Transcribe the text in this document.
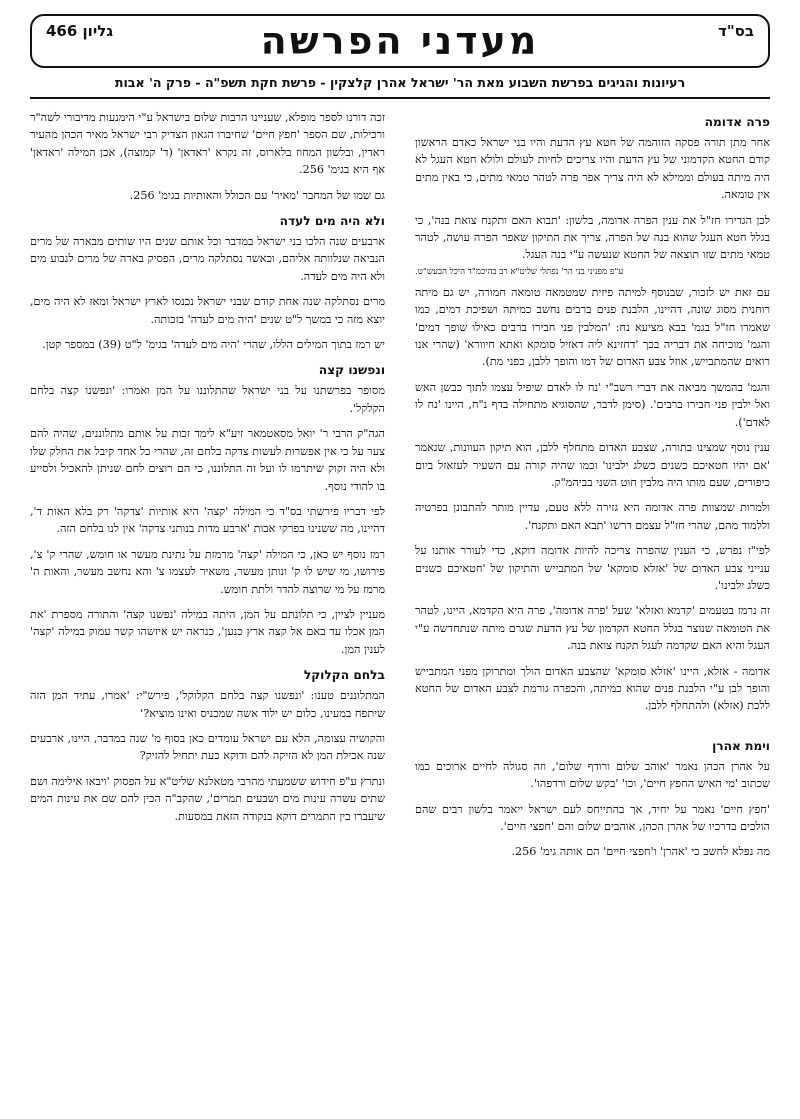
בס"ד
מעדני הפרשה
גליון 466
רעיונות והגיגים בפרשת השבוע מאת הר' ישראל אהרן קלצקין - פרשת חקת תשפ"ה - פרק ה' אבות
פרה אדומה

אחר מתן תורה פסקה הזוהמה של חטא עץ הדעת והיו בני ישראל כאדם הראשון קודם החטא הקדמוני של עץ הדעת והיו צריכים לחיות לעולם ולולא חטא העגל לא היה מיתה בעולם וממילא לא היה צריך אפר פרה לטהר טמאי מתים, כי באין מתים אין טומאה.

לכן הגדירו חז"ל את ענין הפרה אדומה, בלשון: 'תבוא האם ותקנח צואת בנה', כי בגלל חטא העגל שהוא בנה של הפרה, צריך את התיקון שאפר הפרה עושה, לטהר טמאי מתים שזו תוצאה של החטא שנעשה ע"י בנה העגל.

ע"פ מפניני בני הר' נפתלי שליט"א רב בהיכמ"ד היכל הבעש"ט.

עם זאת יש לזכור, שבנוסף למיתה פיזית שמטמאה טומאה חמורה, יש גם מיתה רוחנית מסוג שונה, דהיינו, הלבנת פנים ברבים נחשב כמיתה ושפיכת דמים, כמו שאמרו חז"ל בגמ' בבא מציעא נח: 'המלבין פני חבירו ברבים כאילו שופך דמים' והגמ' מוכיחה את דבריה בכך 'דחזינא ליה דאזיל סומקא ואתא חיוורא' (שהרי אנו רואים שהמתבייש, אוזל צבע האדום של דמו והופך ללבן, כפני מת).

והגמ' בהמשך מביאה את דברי רשב"י 'נח לו לאדם שיפיל עצמו לתוך כבשן האש ואל ילבין פני חבירו ברבים'. (סימן לדבר, שהסוגיא מתחילה בדף נ"ח, היינו 'נח לו לאדם').

ענין נוסף שמצינו בתורה, שצבע האדום מתחלף ללבן, הוא תיקון העוונות, שנאמר 'אם יהיו חטאיכם כשנים כשלג ילבינו' וכמו שהיה קורה עם השעיר לעזאזל ביום כיפורים, שעם מותו היה מלבין חוט השני בביהמ"ק.

ולמרות שמצוות פרה אדומה היא גזירה ללא טעם, עדיין מותר להתבונן בפרטיה וללמוד מהם, שהרי חז"ל עצמם דרשו 'תבא האם ותקנח'.

לפי"ז נפרש, כי הענין שהפרה צריכה להיות אדומה דוקא, כדי לעורר אותנו על ענייני צבע האדום של 'אזלא סומקא' של המתבייש והתיקון של 'חטאיכם כשנים כשלג ילבינו'.

זה נרמז בטעמים 'קדמא ואזלא' שעל 'פרה אדומה', פרה היא הקדמא, היינו, לטהר את הטומאה שנוצר בגלל החטא הקדמון של עץ הדעת שגרם מיתה שנתחדשה ע"י העגל והיא האם שקדמה לעגל תקנח צואת בנה.

אדומה - אזלא, היינו 'אזלא סומקא' שהצבע האדום הולך ומתרוקן מפני המתבייש והופך לבן ע"י הלבנת פנים שהוא כמיתה, והכפרה גורמת לצבע האדום של החטא ללכת (אזלא) ולהתחלף ללבן.

וימת אהרן

על אהרן הכהן נאמר 'אוהב שלום ורודף שלום', וזה סגולה לחיים ארוכים כמו שכתוב 'מי האיש החפץ חיים', וכו' 'בקש שלום ורדפהו'.

'חפץ חיים' נאמר על יחיד, אך בהתייחס לעם ישראל ייאמר בלשון רבים שהם הולכים בדרכיו של אהרן הכהן, אוהבים שלום והם 'חפצי חיים'.

מה נפלא לחשב כי 'אהרן' ו'חפצי חיים' הם אותה גימ' 256.

זכה דורנו לספר מופלא, שעניינו הרבות שלום בישראל ע"י הימנעות מדיבורי לשה"ר ורכילות, שם הספר 'חפץ חיים' שחיברו הגאון הצדיק רבי ישראל מאיר הכהן מהעיר ראדין, ובלשון המחוז בלארוס, זה נקרא 'ראדאן' (ד' קמוצה), אכן המילה 'ראדאן' אף היא בגימ' 256.

גם שמו של המחבר 'מאיר' עם הכולל והאותיות בגימ' 256.

ולא היה מים לעדה

ארבעים שנה הלכו בני ישראל במדבר וכל אותם שנים היו שותים מבארה של מרים הנביאה שנלוותה אליהם, וכאשר נסתלקה מרים, הפסיק בארה של מרים לנבוע מים ולא היה מים לעדה.

מרים נסתלקה שנה אחת קודם שבני ישראל נכנסו לארץ ישראל ומאז לא היה מים, יוצא מזה כי במשך ל"ט שנים 'היה מים לעדה' בזכותה.

יש רמז בתוך המילים הללו, שהרי 'היה מים לעדה' בגימ' ל"ט (39) במספר קטן.

ונפשנו קצה

מסופר בפרשתנו על בני ישראל שהתלוננו על המן ואמרו: 'ונפשנו קצה בלחם הקלקל'.

הגה"ק הרבי ר' יואל מסאטמאר זיע"א לימד זכות על אותם מתלוננים, שהיה להם צער על כי אין אפשרות לעשות צדקה בלחם זה, שהרי כל אחד קיבל את החלק שלו ולא היה זקוק שיתרמו לו ועל זה התלוננו, כי הם רוצים לחם שניתן להאכיל ולסייע בו להודי נוסף.

לפי דבריו פירשתי בס"ד כי המילה 'קצה' היא אותיות 'צדקה' רק בלא האות ד', דהיינו, מה ששנינו בפרקי אבות 'ארבע מדות בנותני צדקה' אין לנו בלחם הזה.

רמז נוסף יש כאן, כי המילה 'קצה' מרמזת על נתינת מעשר או חומש, שהרי ק' צ', פירושו, מי שיש לו ק' ונותן מעשר, משאיר לעצמו צ' והא נחשב מעשר, והאות ה' מרמז על מי שרוצה להדר ולתת חומש.

מעניין לציין, כי תלונתם על המן, היתה במילה 'נפשנו קצה' והתורה מספרת 'את המן אכלו עד באם אל קצה ארץ כנען', כנראה יש איזשהו קשר עמוק במילה 'קצה' לענין המן.

בלחם הקלוקל

המתלוננים טענו: 'ונפשנו קצה בלחם הקלוקל', פירש"י: 'אמרו, עתיד המן הזה שיתפח במעינו, כלום יש ילוד אשה שמכניס ואינו מוציא?'

והקושיה עצומה, הלא עם ישראל עומדים כאן בסוף מ' שנה במדבר, היינו, ארבעים שנה אכילת המן לא הזיקה להם ודוקא כעת יתחיל להזיק?

ונתרץ ע"פ חידוש ששמעתי מהרבי מטאלנא שליט"א על הפסוק 'ויבאו אילימה ושם שתים עשרה עינות מים ושבעים תמרים', שהקב"ה הכין להם שם את עינות המים שיעברו בין התמרים דוקא בנקודה הזאת במסעות.
